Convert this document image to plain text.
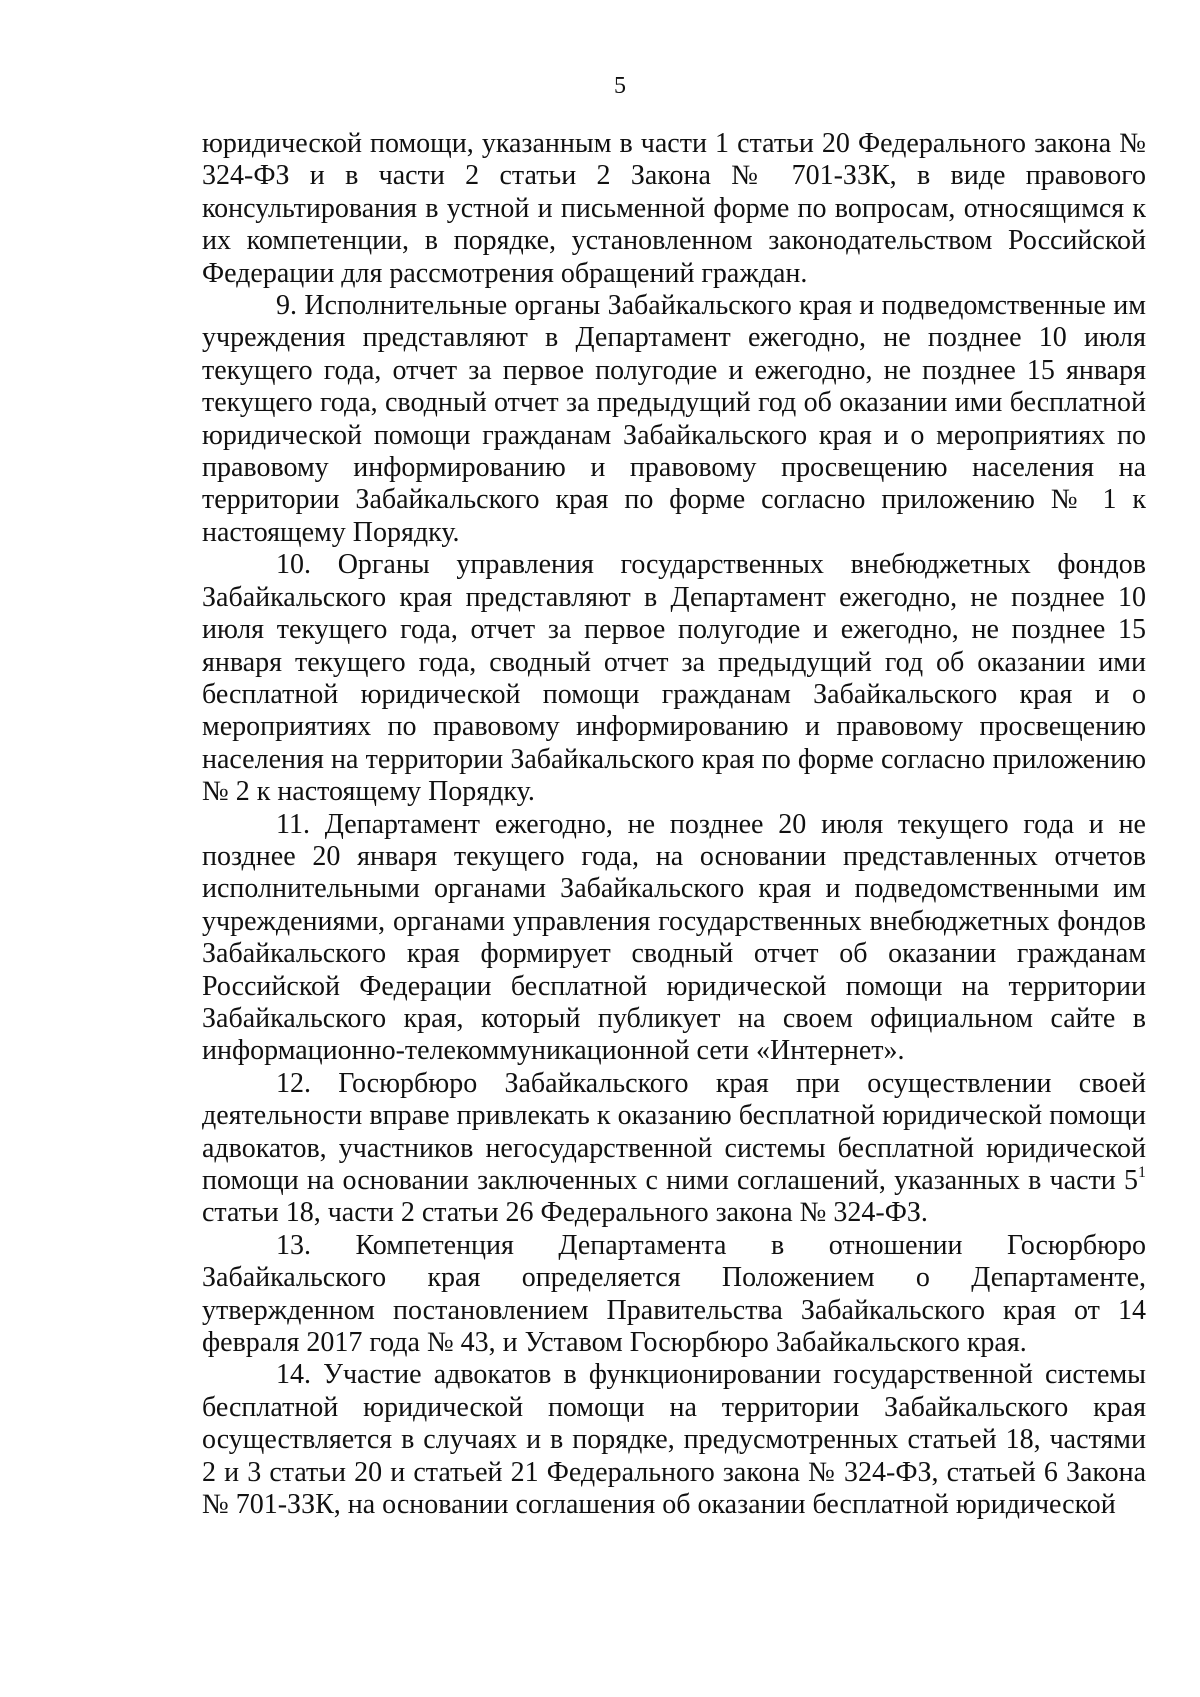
5

юридической помощи, указанным в части 1 статьи 20 Федерального закона № 324-ФЗ и в части 2 статьи 2 Закона № 701-ЗЗК, в виде правового консультирования в устной и письменной форме по вопросам, относящимся к их компетенции, в порядке, установленном законодательством Российской Федерации для рассмотрения обращений граждан.

9. Исполнительные органы Забайкальского края и подведомственные им учреждения представляют в Департамент ежегодно, не позднее 10 июля текущего года, отчет за первое полугодие и ежегодно, не позднее 15 января текущего года, сводный отчет за предыдущий год об оказании ими бесплатной юридической помощи гражданам Забайкальского края и о мероприятиях по правовому информированию и правовому просвещению населения на территории Забайкальского края по форме согласно приложению № 1 к настоящему Порядку.

10. Органы управления государственных внебюджетных фондов Забайкальского края представляют в Департамент ежегодно, не позднее 10 июля текущего года, отчет за первое полугодие и ежегодно, не позднее 15 января текущего года, сводный отчет за предыдущий год об оказании ими бесплатной юридической помощи гражданам Забайкальского края и о мероприятиях по правовому информированию и правовому просвещению населения на территории Забайкальского края по форме согласно приложению № 2 к настоящему Порядку.

11. Департамент ежегодно, не позднее 20 июля текущего года и не позднее 20 января текущего года, на основании представленных отчетов исполнительными органами Забайкальского края и подведомственными им учреждениями, органами управления государственных внебюджетных фондов Забайкальского края формирует сводный отчет об оказании гражданам Российской Федерации бесплатной юридической помощи на территории Забайкальского края, который публикует на своем официальном сайте в информационно-телекоммуникационной сети «Интернет».

12. Госюрбюро Забайкальского края при осуществлении своей деятельности вправе привлекать к оказанию бесплатной юридической помощи адвокатов, участников негосударственной системы бесплатной юридической помощи на основании заключенных с ними соглашений, указанных в части $5^1$ статьи 18, части 2 статьи 26 Федерального закона № 324-ФЗ.

13. Компетенция Департамента в отношении Госюрбюро Забайкальского края определяется Положением о Департаменте, утвержденном постановлением Правительства Забайкальского края от 14 февраля 2017 года № 43, и Уставом Госюрбюро Забайкальского края.

14. Участие адвокатов в функционировании государственной системы бесплатной юридической помощи на территории Забайкальского края осуществляется в случаях и в порядке, предусмотренных статьей 18, частями 2 и 3 статьи 20 и статьей 21 Федерального закона № 324-ФЗ, статьей 6 Закона № 701-ЗЗК, на основании соглашения об оказании бесплатной юридической
